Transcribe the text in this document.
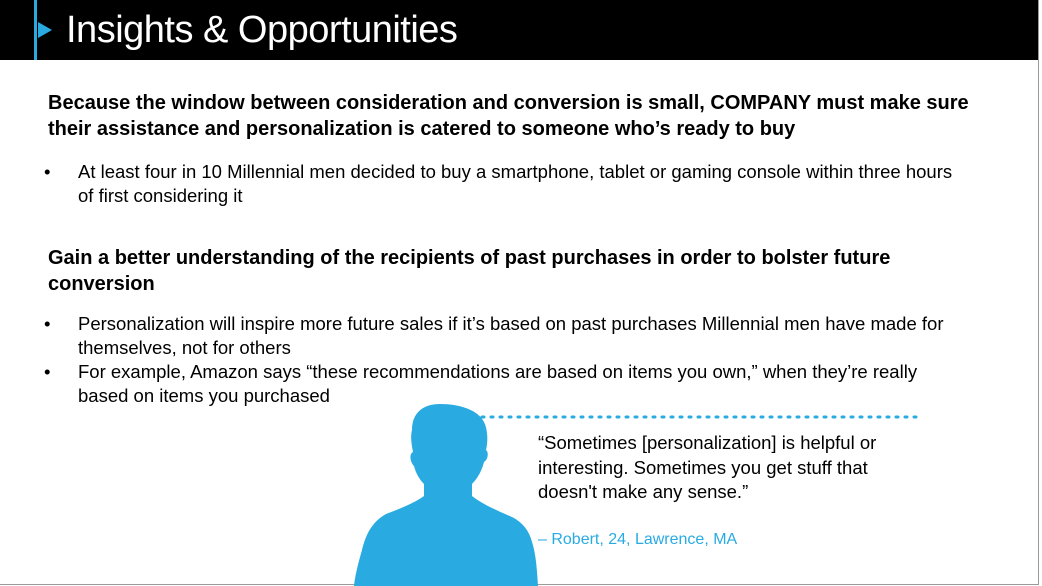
Insights & Opportunities

Because the window between consideration and conversion is small, COMPANY must make sure their assistance and personalization is catered to someone who’s ready to buy

• At least four in 10 Millennial men decided to buy a smartphone, tablet or gaming console within three hours of first considering it

Gain a better understanding of the recipients of past purchases in order to bolster future conversion

• Personalization will inspire more future sales if it’s based on past purchases Millennial men have made for themselves, not for others
• For example, Amazon says “these recommendations are based on items you own,” when they’re really based on items you purchased

“Sometimes [personalization] is helpful or interesting. Sometimes you get stuff that doesn't make any sense.”

– Robert, 24, Lawrence, MA
